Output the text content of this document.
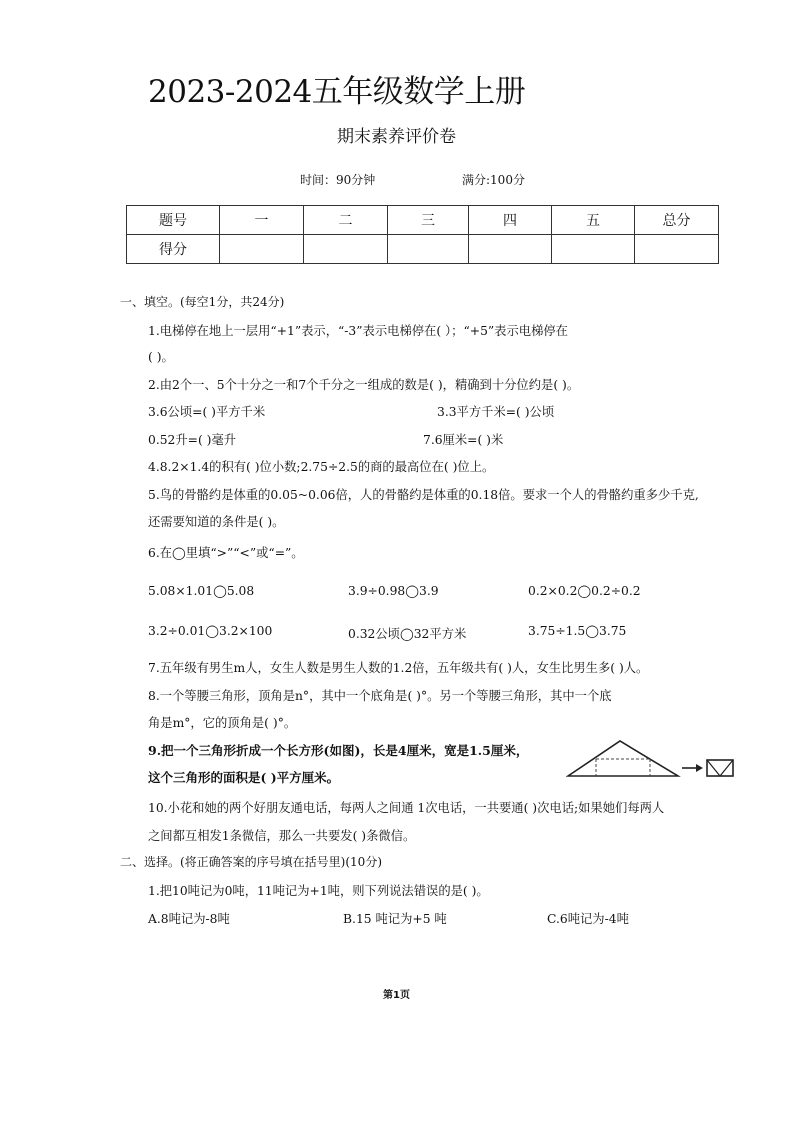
2023-2024五年级数学上册
期末素养评价卷
时间：90分钟	满分:100分
题号	一	二	三	四	五	总分
得分						
一、填空。(每空1分，共24分)
1.电梯停在地上一层用“+1”表示，“-3”表示电梯停在( ）；“+5”表示电梯停在
( )。
2.由2个一、5个十分之一和7个千分之一组成的数是( )，精确到十分位约是( )。
3.6公顷=( )平方千米	3.3平方千米=( )公顷
0.52升=( )毫升	7.6厘米=( )米
4.8.2×1.4的积有( )位小数;2.75÷2.5的商的最高位在( )位上。
5.鸟的骨骼约是体重的0.05~0.06倍，人的骨骼约是体重的0.18倍。要求一个人的骨骼约重多少千克,
还需要知道的条件是( )。
6.在◯里填“>”“<”或“=”。
5.08×1.01◯5.08	3.9÷0.98◯3.9	0.2×0.2◯0.2÷0.2
3.2÷0.01◯3.2×100	0.32公顷◯32平方米	3.75÷1.5◯3.75
7.五年级有男生m人，女生人数是男生人数的1.2倍，五年级共有( )人，女生比男生多( )人。
8.一个等腰三角形，顶角是n°，其中一个底角是( )°。另一个等腰三角形，其中一个底
角是m°，它的顶角是( )°。
9.把一个三角形折成一个长方形(如图)，长是4厘米，宽是1.5厘米，
这个三角形的面积是( )平方厘米。
10.小花和她的两个好朋友通电话，每两人之间通 1次电话，一共要通( )次电话;如果她们每两人
之间都互相发1条微信，那么一共要发( )条微信。
二、选择。(将正确答案的序号填在括号里)(10分)
1.把10吨记为0吨，11吨记为+1吨，则下列说法错误的是( )。
A.8吨记为-8吨	B.15 吨记为+5 吨	C.6吨记为-4吨
第1页
